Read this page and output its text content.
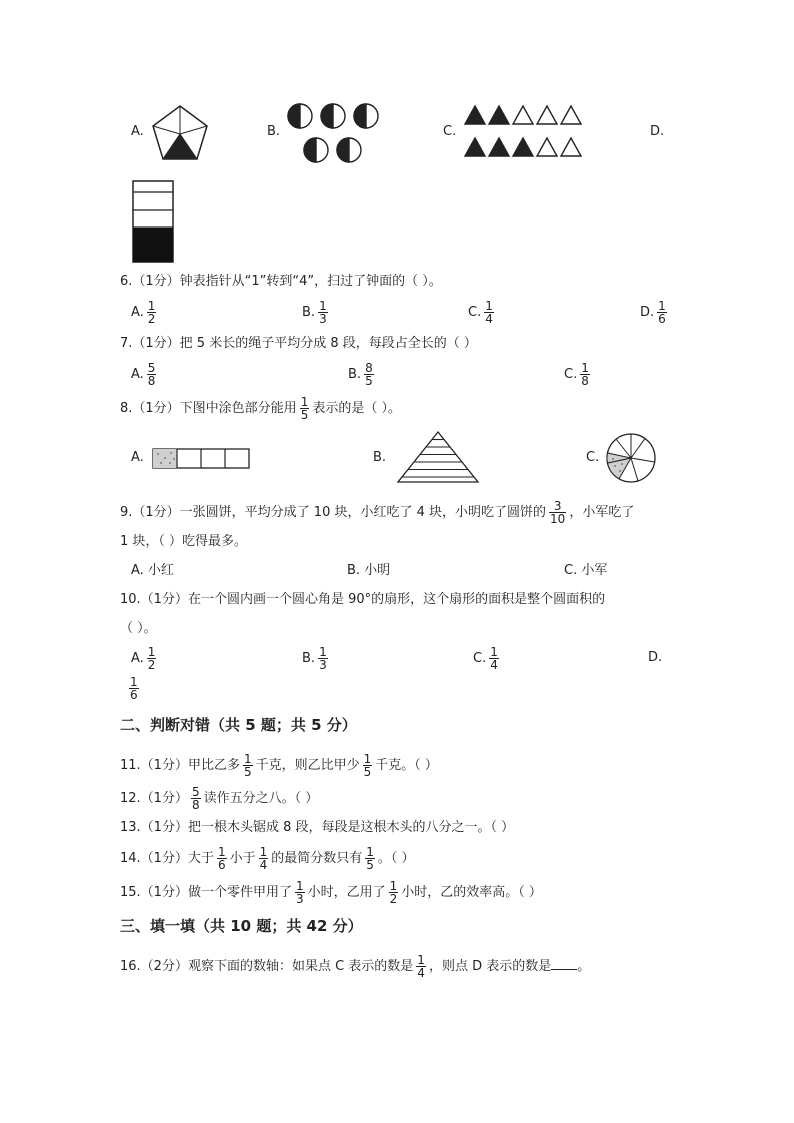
A.	B.	C.	D.
6.（1分）钟表指针从“1”转到“4”，扫过了钟面的（ ）。
A. $\frac{1}{2}$	B. $\frac{1}{3}$	C. $\frac{1}{4}$	D. $\frac{1}{6}$
7.（1分）把 5 米长的绳子平均分成 8 段，每段占全长的（ ）
A. $\frac{5}{8}$	B. $\frac{8}{5}$	C. $\frac{1}{8}$
8.（1分）下图中涂色部分能用 $\frac{1}{5}$ 表示的是（ ）。
A.	B.	C.
9.（1分）一张圆饼，平均分成了 10 块，小红吃了 4 块，小明吃了圆饼的 $\frac{3}{10}$ ，小军吃了
1 块，（ ）吃得最多。
A. 小红	B. 小明	C. 小军
10.（1分）在一个圆内画一个圆心角是 90°的扇形，这个扇形的面积是整个圆面积的
（ ）。
A. $\frac{1}{2}$	B. $\frac{1}{3}$	C. $\frac{1}{4}$	D.
$\frac{1}{6}$
二、判断对错（共 5 题；共 5 分）
11.（1分）甲比乙多 $\frac{1}{5}$ 千克，则乙比甲少 $\frac{1}{5}$ 千克。（ ）
12.（1分） $\frac{5}{8}$ 读作五分之八。（ ）
13.（1分）把一根木头锯成 8 段，每段是这根木头的八分之一。（ ）
14.（1分）大于 $\frac{1}{6}$ 小于 $\frac{1}{4}$ 的最简分数只有 $\frac{1}{5}$ 。（ ）
15.（1分）做一个零件甲用了 $\frac{1}{3}$ 小时，乙用了 $\frac{1}{2}$ 小时，乙的效率高。（ ）
三、填一填（共 10 题；共 42 分）
16.（2分）观察下面的数轴：如果点 C 表示的数是 $\frac{1}{4}$ ，则点 D 表示的数是 。
